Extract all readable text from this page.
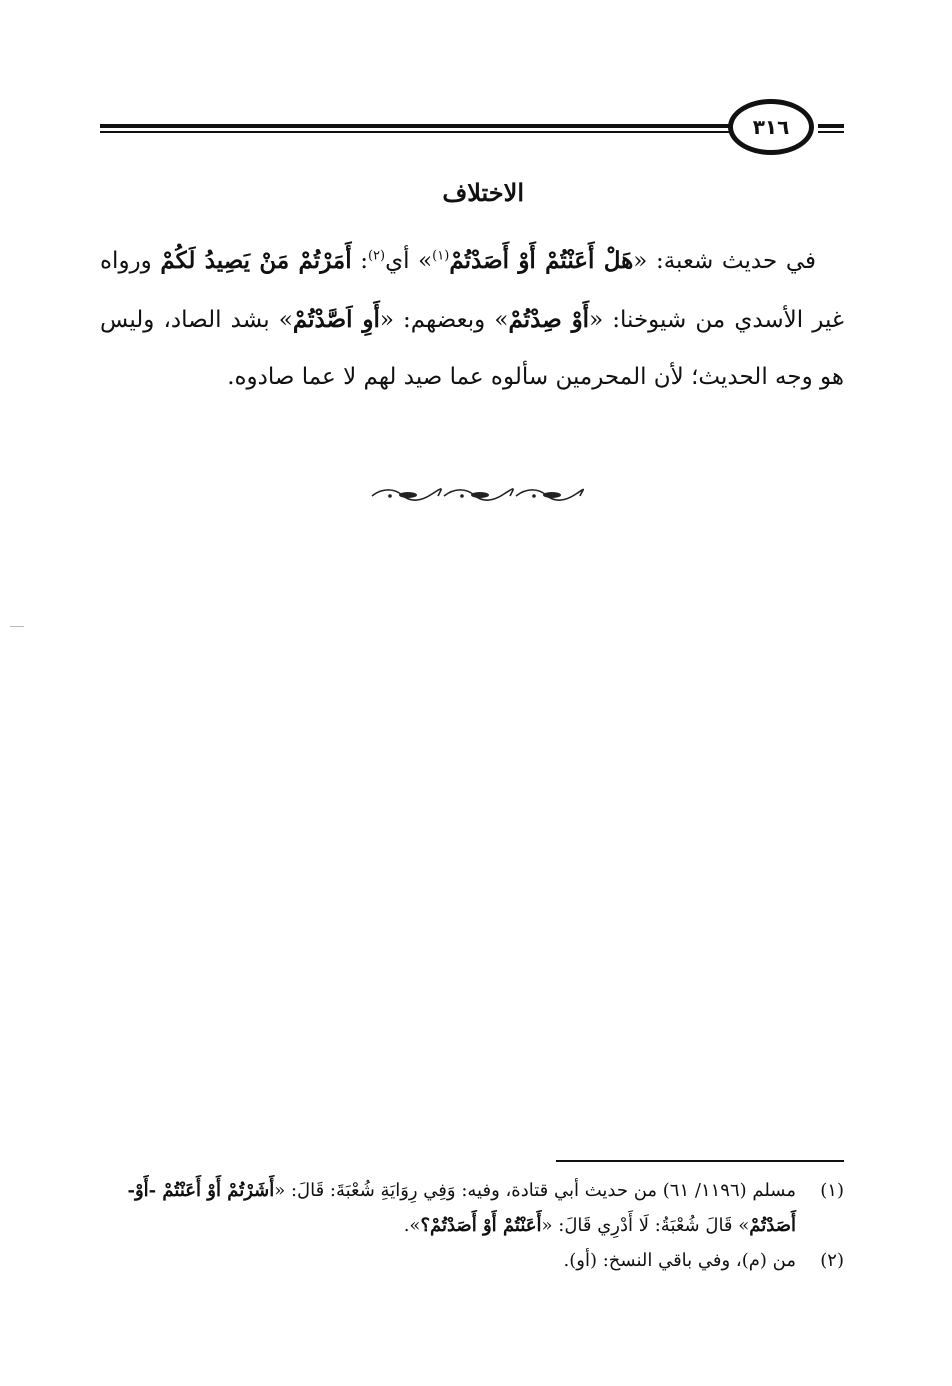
٣١٦
الاختلاف

في حديث شعبة: «هَلْ أَعَنْتُمْ أَوْ أَصَدْتُمْ$^{(١)}$» أي$^{(٢)}$: أَمَرْتُمْ مَنْ يَصِيدُ لَكُمْ ورواه غير الأسدي من شيوخنا: «أَوْ صِدْتُمْ» وبعضهم: «أَوِ اَصَّدْتُمْ» بشد الصاد، وليس هو وجه الحديث؛ لأن المحرمين سألوه عما صيد لهم لا عما صادوه.

(١)
مسلم (١١٩٦/ ٦١) من حديث أبي قتادة، وفيه: وَفِي رِوَايَةِ شُعْبَةَ: قَالَ: «أَشَرْتُمْ أَوْ أَعَنْتُمْ -أَوْ- أَصَدْتُمْ» قَالَ شُعْبَةُ: لَا أَدْرِي قَالَ: «أَعَنْتُمْ أَوْ أَصَدْتُمْ؟».
(٢)
من (م)، وفي باقي النسخ: (أو).
